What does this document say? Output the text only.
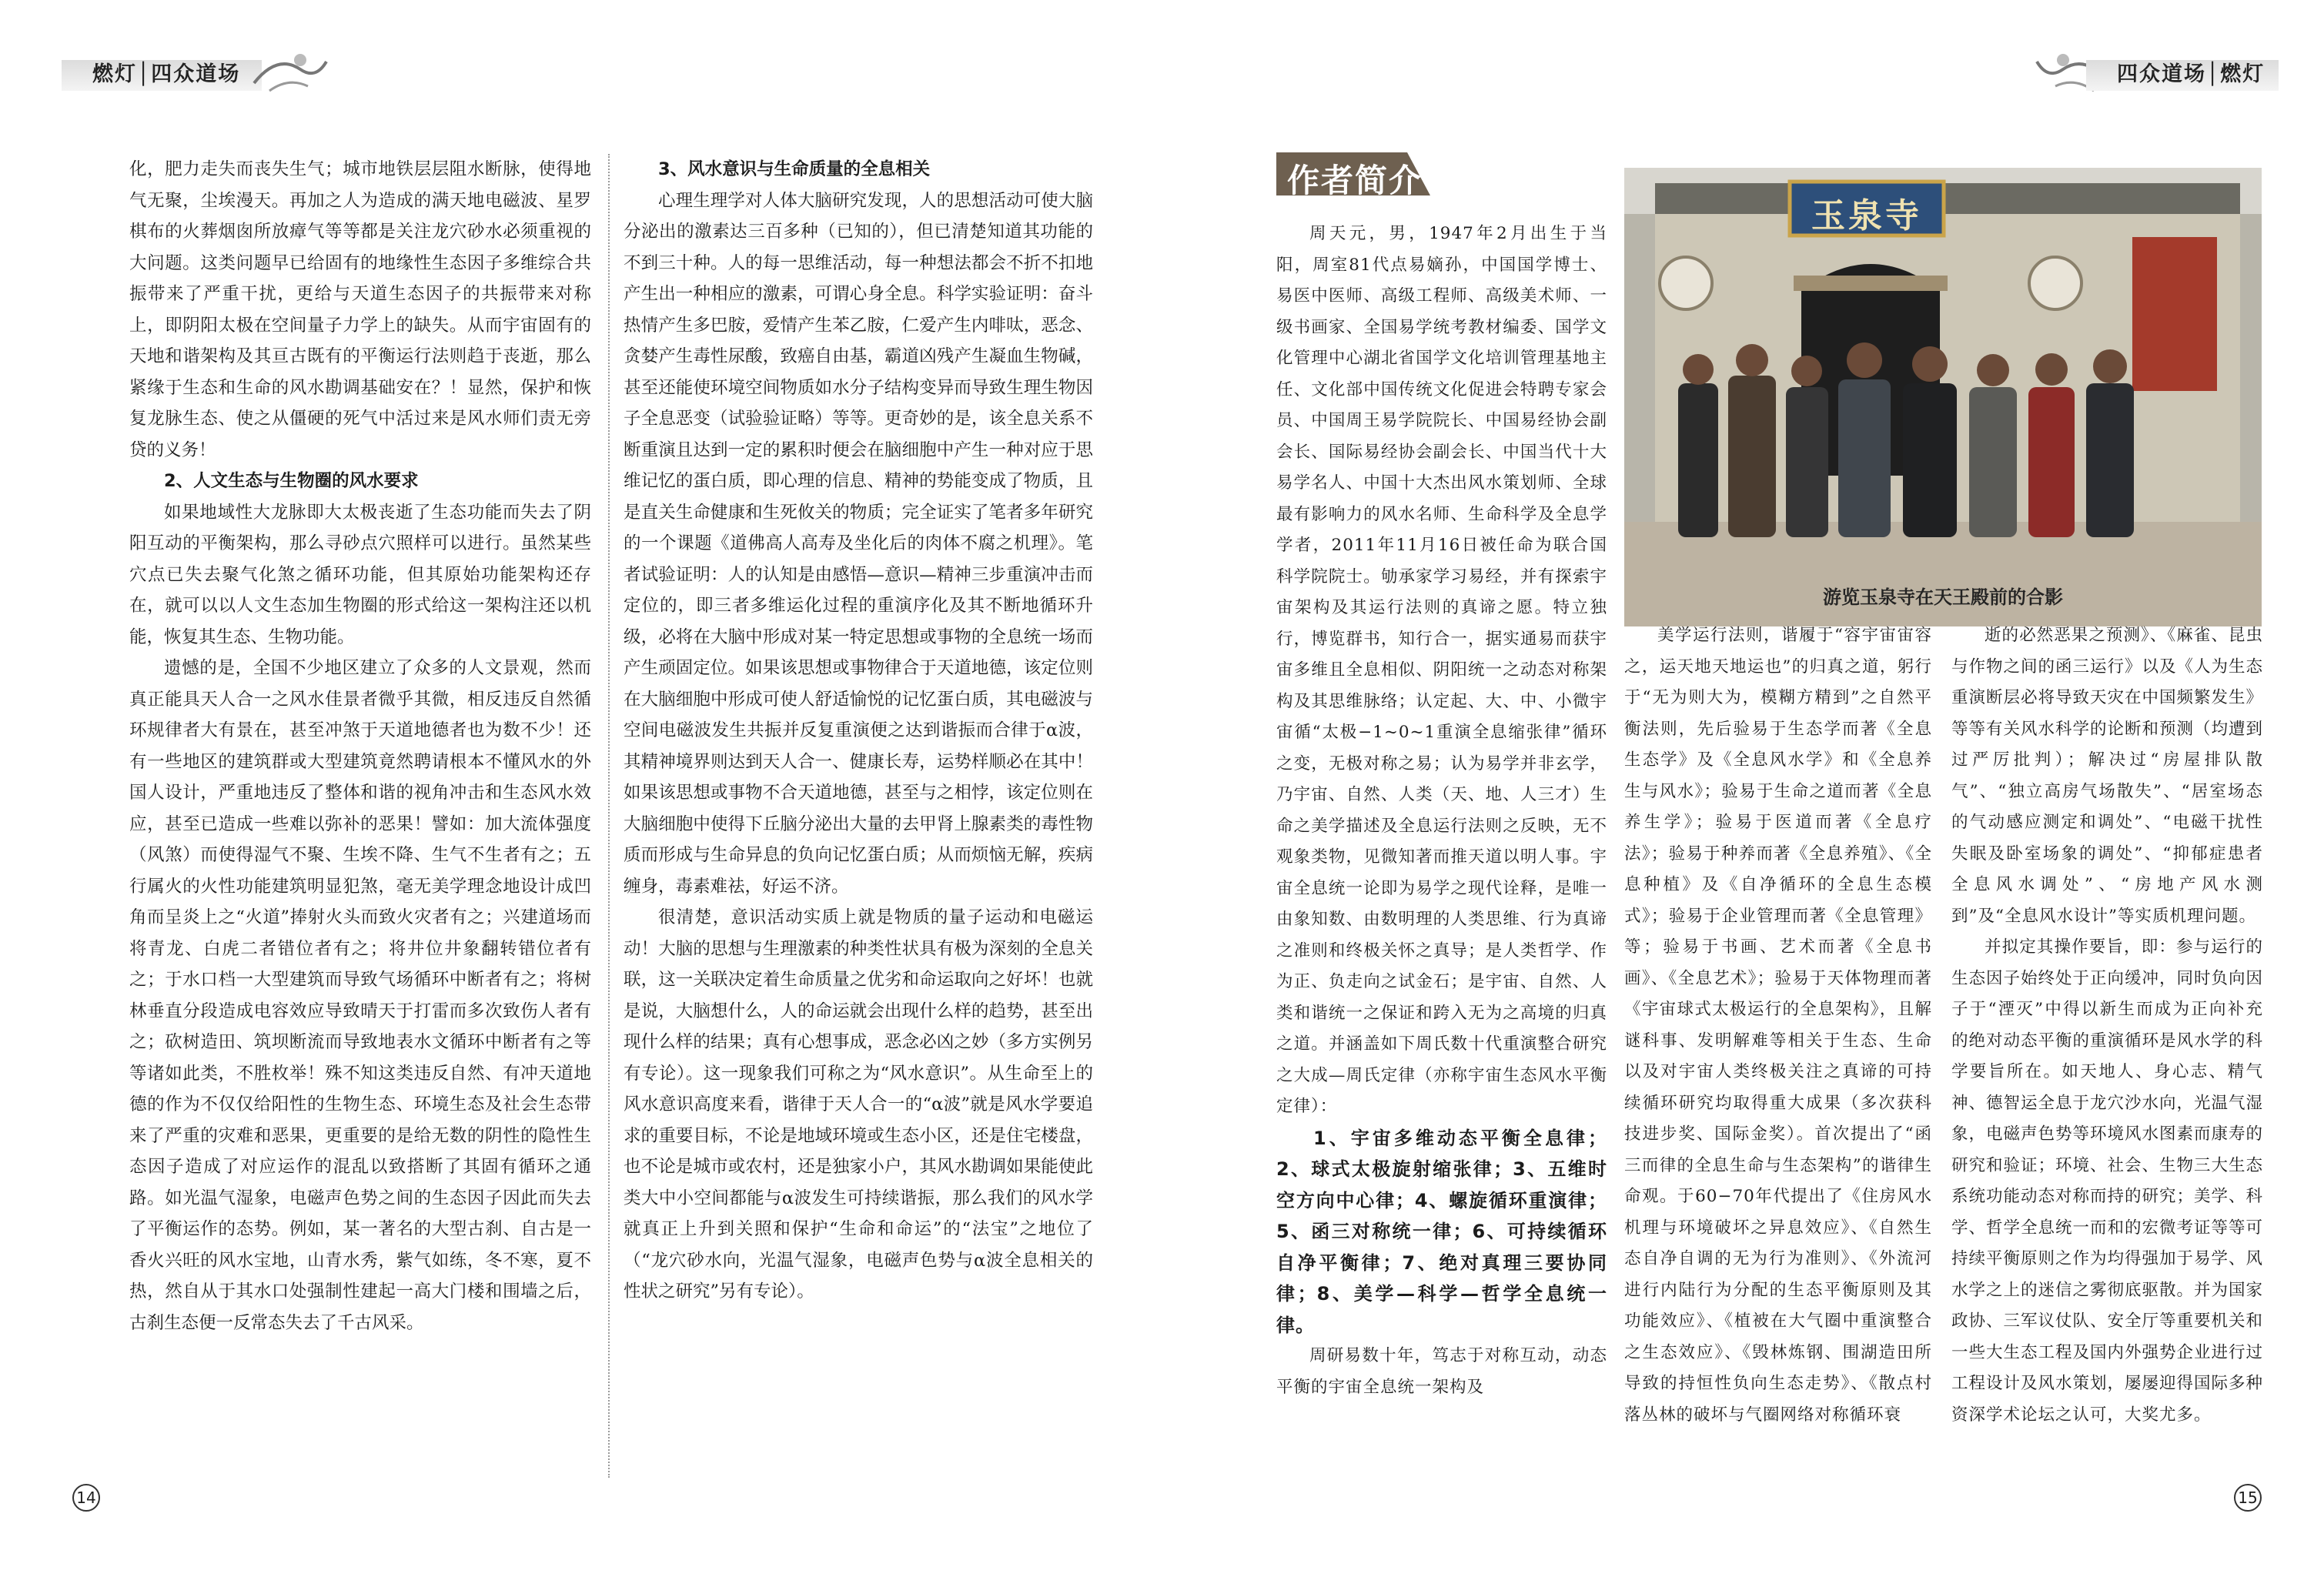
燃灯│四众道场

化，肥力走失而丧失生气；城市地铁层层阻水断脉，使得地气无聚，尘埃漫天。再加之人为造成的满天地电磁波、星罗棋布的火葬烟囱所放瘴气等等都是关注龙穴砂水必须重视的大问题。这类问题早已给固有的地缘性生态因子多维综合共振带来了严重干扰，更给与天道生态因子的共振带来对称上，即阴阳太极在空间量子力学上的缺失。从而宇宙固有的天地和谐架构及其亘古既有的平衡运行法则趋于丧逝，那么紧缘于生态和生命的风水勘调基础安在？！显然，保护和恢复龙脉生态、使之从僵硬的死气中活过来是风水师们责无旁贷的义务！

2、人文生态与生物圈的风水要求

如果地域性大龙脉即大太极丧逝了生态功能而失去了阴阳互动的平衡架构，那么寻砂点穴照样可以进行。虽然某些穴点已失去聚气化煞之循环功能，但其原始功能架构还存在，就可以以人文生态加生物圈的形式给这一架构注还以机能，恢复其生态、生物功能。

遗憾的是，全国不少地区建立了众多的人文景观，然而真正能具天人合一之风水佳景者微乎其微，相反违反自然循环规律者大有景在，甚至冲煞于天道地德者也为数不少！还有一些地区的建筑群或大型建筑竟然聘请根本不懂风水的外国人设计，严重地违反了整体和谐的视角冲击和生态风水效应，甚至已造成一些难以弥补的恶果！譬如：加大流体强度（风煞）而使得湿气不聚、生埃不降、生气不生者有之；五行属火的火性功能建筑明显犯煞，毫无美学理念地设计成凹角而呈炎上之“火道”捧射火头而致火灾者有之；兴建道场而将青龙、白虎二者错位者有之；将井位井象翻转错位者有之；于水口档一大型建筑而导致气场循环中断者有之；将树林垂直分段造成电容效应导致晴天于打雷而多次致伤人者有之；砍树造田、筑坝断流而导致地表水文循环中断者有之等等诸如此类，不胜枚举！殊不知这类违反自然、有冲天道地德的作为不仅仅给阳性的生物生态、环境生态及社会生态带来了严重的灾难和恶果，更重要的是给无数的阴性的隐性生态因子造成了对应运作的混乱以致搭断了其固有循环之通路。如光温气湿象，电磁声色势之间的生态因子因此而失去了平衡运作的态势。例如，某一著名的大型古刹、自古是一香火兴旺的风水宝地，山青水秀，紫气如练，冬不寒，夏不热，然自从于其水口处强制性建起一高大门楼和围墙之后，古刹生态便一反常态失去了千古风采。

3、风水意识与生命质量的全息相关

心理生理学对人体大脑研究发现，人的思想活动可使大脑分泌出的激素达三百多种（已知的），但已清楚知道其功能的不到三十种。人的每一思维活动，每一种想法都会不折不扣地产生出一种相应的激素，可谓心身全息。科学实验证明：奋斗热情产生多巴胺，爱情产生苯乙胺，仁爱产生内啡呔，恶念、贪婪产生毒性尿酸，致癌自由基，霸道凶残产生凝血生物碱，甚至还能使环境空间物质如水分子结构变异而导致生理生物因子全息恶变（试验验证略）等等。更奇妙的是，该全息关系不断重演且达到一定的累积时便会在脑细胞中产生一种对应于思维记忆的蛋白质，即心理的信息、精神的势能变成了物质，且是直关生命健康和生死攸关的物质；完全证实了笔者多年研究的一个课题《道佛高人高寿及坐化后的肉体不腐之机理》。笔者试验证明：人的认知是由感悟—意识—精神三步重演冲击而定位的，即三者多维运化过程的重演序化及其不断地循环升级，必将在大脑中形成对某一特定思想或事物的全息统一场而产生顽固定位。如果该思想或事物律合于天道地德，该定位则在大脑细胞中形成可使人舒适愉悦的记忆蛋白质，其电磁波与空间电磁波发生共振并反复重演便之达到谐振而合律于α波，其精神境界则达到天人合一、健康长寿，运势样顺必在其中！如果该思想或事物不合天道地德，甚至与之相悖，该定位则在大脑细胞中使得下丘脑分泌出大量的去甲肾上腺素类的毒性物质而形成与生命异息的负向记忆蛋白质；从而烦恼无解，疾病缠身，毒素难祛，好运不济。

很清楚，意识活动实质上就是物质的量子运动和电磁运动！大脑的思想与生理激素的种类性状具有极为深刻的全息关联，这一关联决定着生命质量之优劣和命运取向之好坏！也就是说，大脑想什么，人的命运就会出现什么样的趋势，甚至出现什么样的结果；真有心想事成，恶念必凶之妙（多方实例另有专论）。这一现象我们可称之为“风水意识”。从生命至上的风水意识高度来看，谐律于天人合一的“α波”就是风水学要追求的重要目标，不论是地域环境或生态小区，还是住宅楼盘，也不论是城市或农村，还是独家小户，其风水勘调如果能使此类大中小空间都能与α波发生可持续谐振，那么我们的风水学就真正上升到关照和保护“生命和命运”的“法宝”之地位了（“龙穴砂水向，光温气湿象，电磁声色势与α波全息相关的性状之研究”另有专论）。

14
四众道场│燃灯
作者简介
玉泉寺
游览玉泉寺在天王殿前的合影

周天元，男，1947年2月出生于当阳，周室81代点易嫡孙，中国国学博士、易医中医师、高级工程师、高级美术师、一级书画家、全国易学统考教材编委、国学文化管理中心湖北省国学文化培训管理基地主任、文化部中国传统文化促进会特聘专家会员、中国周王易学院院长、中国易经协会副会长、国际易经协会副会长、中国当代十大易学名人、中国十大杰出风水策划师、全球最有影响力的风水名师、生命科学及全息学学者，2011年11月16日被任命为联合国科学院院士。劬承家学习易经，并有探索宇宙架构及其运行法则的真谛之愿。特立独行，博览群书，知行合一，据实通易而获宇宙多维且全息相似、阴阳统一之动态对称架构及其思维脉络；认定起、大、中、小微宇宙循“太极−1~0~1重演全息缩张律”循环之变，无极对称之易；认为易学并非玄学，乃宇宙、自然、人类（天、地、人三才）生命之美学描述及全息运行法则之反映，无不观象类物，见微知著而推天道以明人事。宇宙全息统一论即为易学之现代诠释，是唯一由象知数、由数明理的人类思维、行为真谛之准则和终极关怀之真导；是人类哲学、作为正、负走向之试金石；是宇宙、自然、人类和谐统一之保证和跨入无为之高境的归真之道。并涵盖如下周氏数十代重演整合研究之大成—周氏定律（亦称宇宙生态风水平衡定律）：

1、宇宙多维动态平衡全息律；2、球式太极旋射缩张律；3、五维时空方向中心律；4、螺旋循环重演律；5、函三对称统一律；6、可持续循环自净平衡律；7、绝对真理三要协同律；8、美学—科学—哲学全息统一律。

周研易数十年，笃志于对称互动，动态平衡的宇宙全息统一架构及

美学运行法则，谐履于“容宇宙宙容之，运天地天地运也”的归真之道，躬行于“无为则大为，模糊方精到”之自然平衡法则，先后验易于生态学而著《全息生态学》及《全息风水学》和《全息养生与风水》；验易于生命之道而著《全息养生学》；验易于医道而著《全息疗法》；验易于种养而著《全息养殖》、《全息种植》及《自净循环的全息生态模式》；验易于企业管理而著《全息管理》等；验易于书画、艺术而著《全息书画》、《全息艺术》；验易于天体物理而著《宇宙球式太极运行的全息架构》，且解谜科事、发明解难等相关于生态、生命以及对宇宙人类终极关注之真谛的可持续循环研究均取得重大成果（多次获科技进步奖、国际金奖）。首次提出了“函三而律的全息生命与生态架构”的谐律生命观。于60−70年代提出了《住房风水机理与环境破坏之异息效应》、《自然生态自净自调的无为行为准则》、《外流河进行内陆行为分配的生态平衡原则及其功能效应》、《植被在大气圈中重演整合之生态效应》、《毁林炼钢、围湖造田所导致的持恒性负向生态走势》、《散点村落丛林的破坏与气圈网络对称循环衰

逝的必然恶果之预测》、《麻雀、昆虫与作物之间的函三运行》以及《人为生态重演断层必将导致天灾在中国频繁发生》等等有关风水科学的论断和预测（均遭到过严厉批判）；解决过“房屋排队散气”、“独立高房气场散失”、“居室场态的气动感应测定和调处”、“电磁干扰性失眠及卧室场象的调处”、“抑郁症患者全息风水调处”、“房地产风水测到”及“全息风水设计”等实质机理问题。

并拟定其操作要旨，即：参与运行的生态因子始终处于正向缓冲，同时负向因子于“湮灭”中得以新生而成为正向补充的绝对动态平衡的重演循环是风水学的科学要旨所在。如天地人、身心志、精气神、德智运全息于龙穴沙水向，光温气湿象，电磁声色势等环境风水图素而康寿的研究和验证；环境、社会、生物三大生态系统功能动态对称而持的研究；美学、科学、哲学全息统一而和的宏微考证等等可持续平衡原则之作为均得强加于易学、风水学之上的迷信之雾彻底驱散。并为国家政协、三军议仗队、安全厅等重要机关和一些大生态工程及国内外强势企业进行过工程设计及风水策划，屡屡迎得国际多种资深学术论坛之认可，大奖尤多。

15
